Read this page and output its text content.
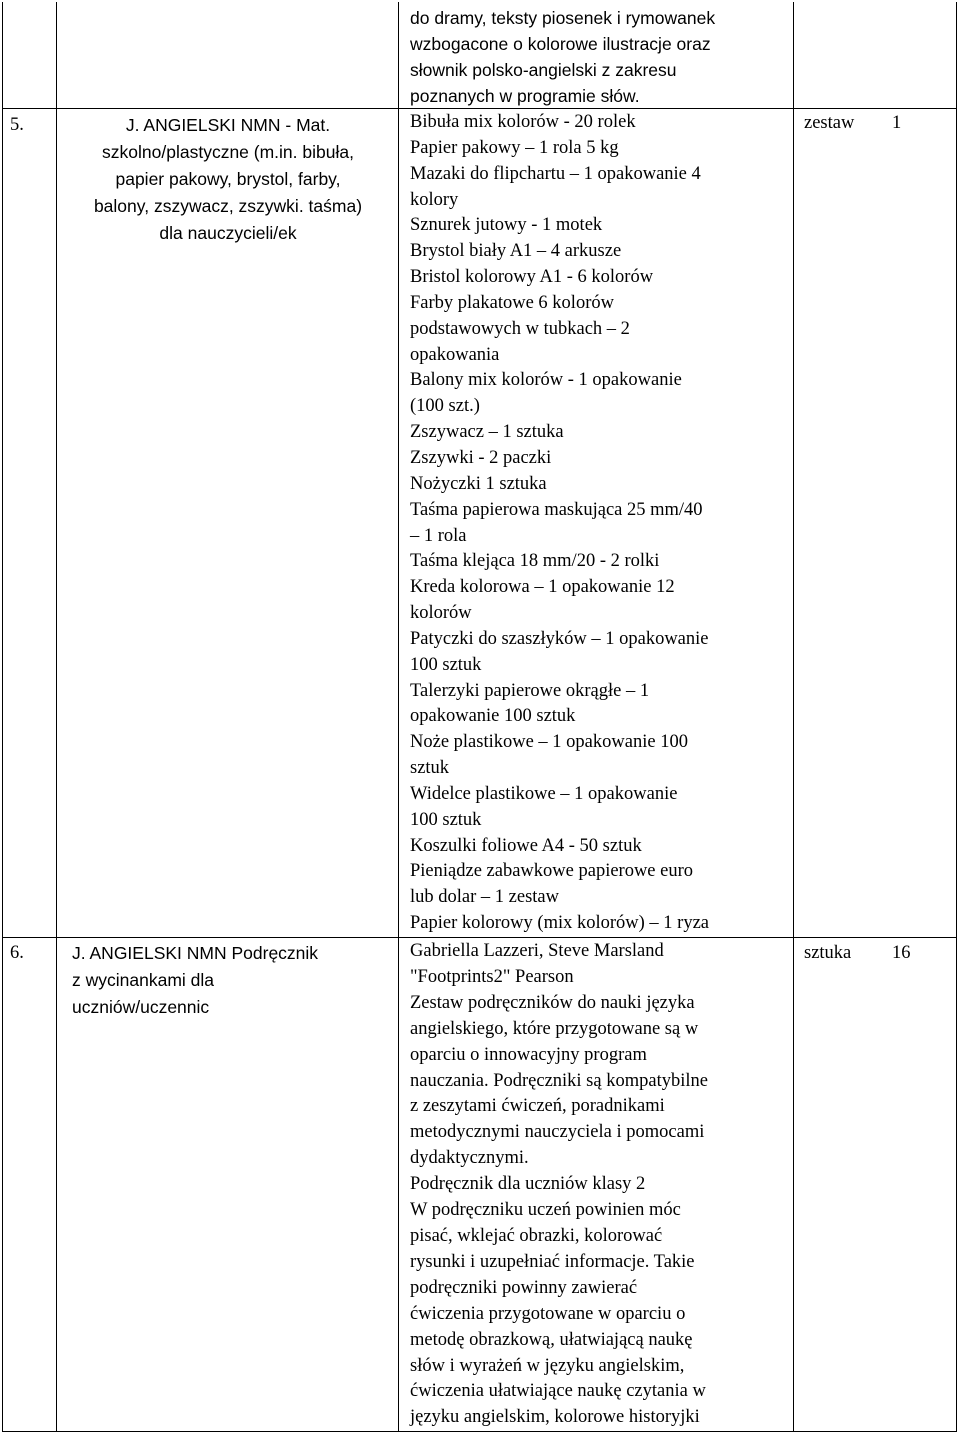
do dramy, teksty piosenek i rymowanek
wzbogacone o kolorowe ilustracje oraz
słownik polsko-angielski z zakresu
poznanych w programie słów.
5.	J. ANGIELSKI NMN - Mat.
szkolno/plastyczne (m.in. bibuła,
papier pakowy, brystol, farby,
balony, zszywacz, zszywki. taśma)
dla nauczycieli/ek
Bibuła mix kolorów - 20 rolek
Papier pakowy – 1 rola 5 kg
Mazaki do flipchartu – 1 opakowanie 4
kolory
Sznurek jutowy - 1 motek
Brystol biały A1 – 4 arkusze
Bristol kolorowy A1 - 6 kolorów
Farby plakatowe 6 kolorów
podstawowych w tubkach – 2
opakowania
Balony mix kolorów - 1 opakowanie
(100 szt.)
Zszywacz – 1 sztuka
Zszywki - 2 paczki
Nożyczki 1 sztuka
Taśma papierowa maskująca 25 mm/40
– 1 rola
Taśma klejąca 18 mm/20 - 2 rolki
Kreda kolorowa – 1 opakowanie 12
kolorów
Patyczki do szaszłyków – 1 opakowanie
100 sztuk
Talerzyki papierowe okrągłe – 1
opakowanie 100 sztuk
Noże plastikowe – 1 opakowanie 100
sztuk
Widelce plastikowe – 1 opakowanie
100 sztuk
Koszulki foliowe A4 - 50 sztuk
Pieniądze zabawkowe papierowe euro
lub dolar – 1 zestaw
Papier kolorowy (mix kolorów) – 1 ryza
zestaw 1
6.	J. ANGIELSKI NMN Podręcznik
z wycinankami dla
uczniów/uczennic
Gabriella Lazzeri, Steve Marsland
"Footprints2" Pearson
Zestaw podręczników do nauki języka
angielskiego, które przygotowane są w
oparciu o innowacyjny program
nauczania. Podręczniki są kompatybilne
z zeszytami ćwiczeń, poradnikami
metodycznymi nauczyciela i pomocami
dydaktycznymi.
Podręcznik dla uczniów klasy 2
W podręczniku uczeń powinien móc
pisać, wklejać obrazki, kolorować
rysunki i uzupełniać informacje. Takie
podręczniki powinny zawierać
ćwiczenia przygotowane w oparciu o
metodę obrazkową, ułatwiającą naukę
słów i wyrażeń w języku angielskim,
ćwiczenia ułatwiające naukę czytania w
języku angielskim, kolorowe historyjki
sztuka 16
